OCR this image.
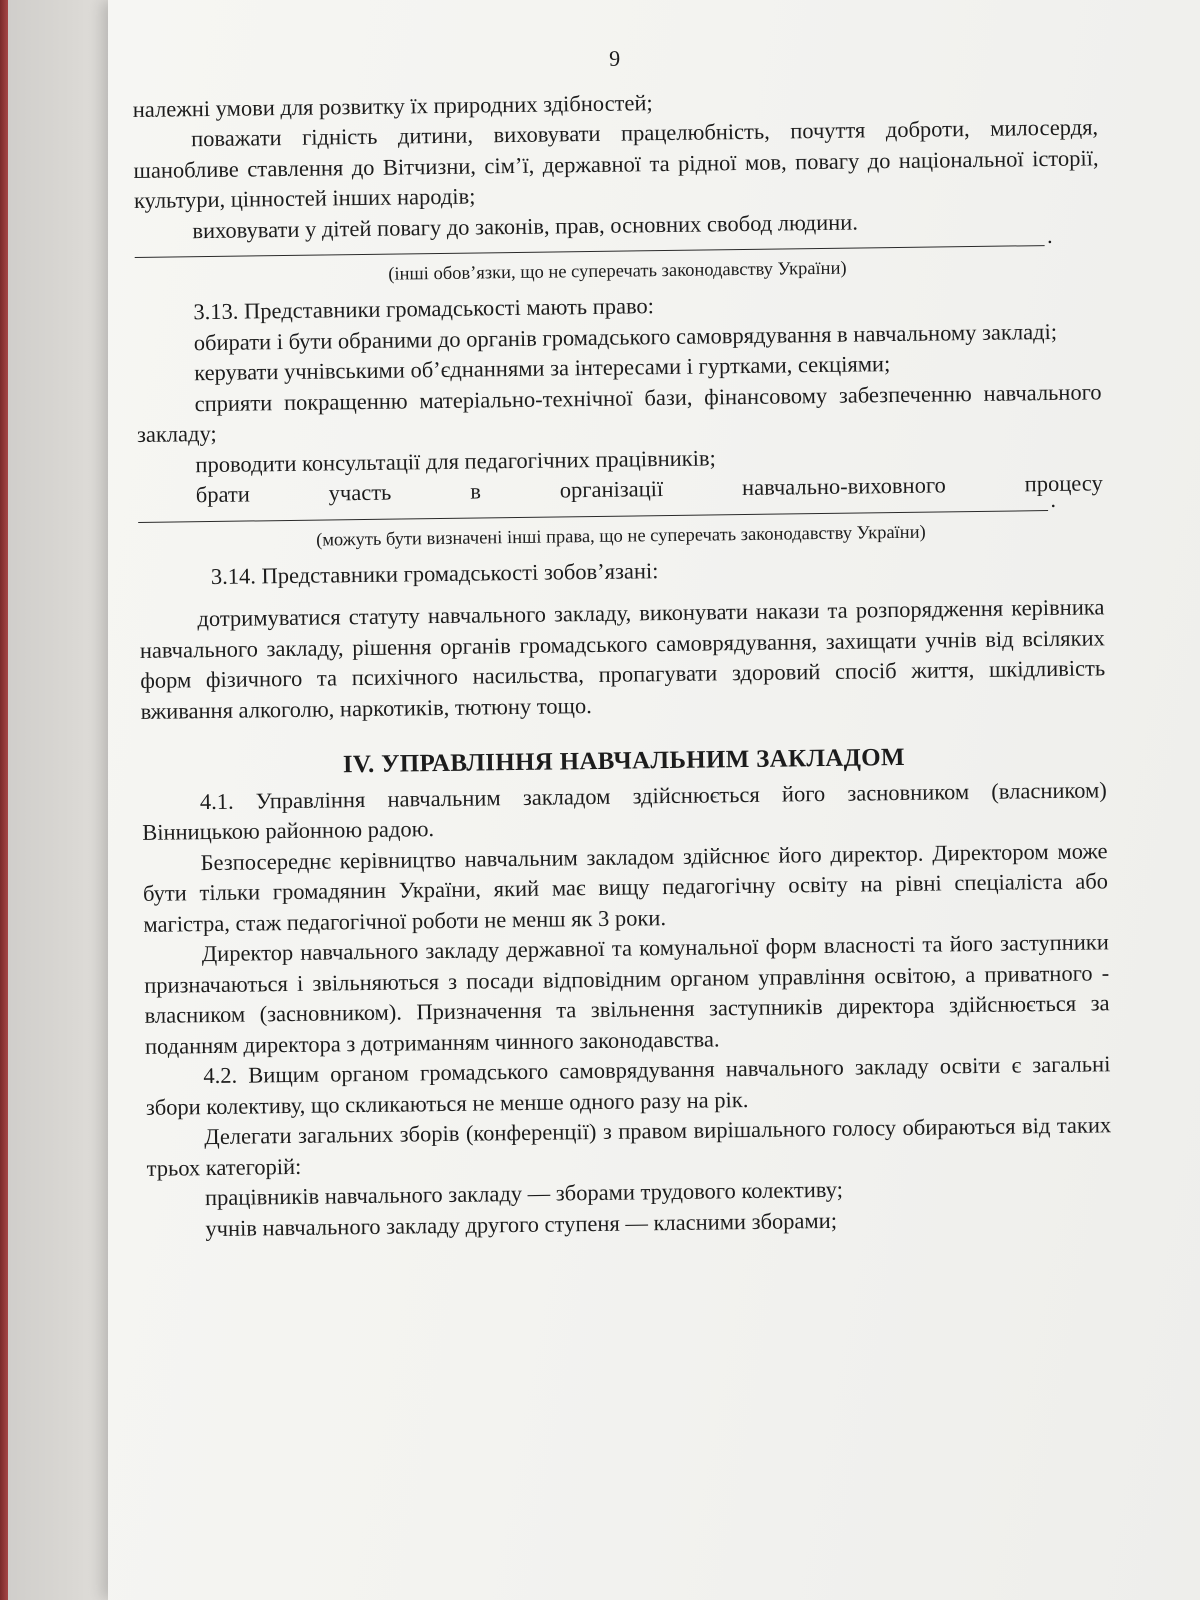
9

належні умови для розвитку їх природних здібностей;

поважати гідність дитини, виховувати працелюбність, почуття доброти, милосердя, шанобливе ставлення до Вітчизни, сім’ї, державної та рідної мов, повагу до національної історії, культури, цінностей інших народів;

виховувати у дітей повагу до законів, прав, основних свобод людини.

.
(інші обов’язки, що не суперечать законодавству України)

3.13. Представники громадськості мають право:

обирати і бути обраними до органів громадського самоврядування в навчальному закладі;

керувати учнівськими об’єднаннями за інтересами і гуртками, секціями;

сприяти покращенню матеріально-технічної бази, фінансовому забезпеченню навчального закладу;

проводити консультації для педагогічних працівників;

брати участь в організації навчально-виховного процесу

.
(можуть бути визначені інші права, що не суперечать законодавству України)

3.14. Представники громадськості зобов’язані:

дотримуватися статуту навчального закладу, виконувати накази та розпорядження керівника навчального закладу, рішення органів громадського самоврядування, захищати учнів від всіляких форм фізичного та психічного насильства, пропагувати здоровий спосіб життя, шкідливість вживання алкоголю, наркотиків, тютюну тощо.

IV. УПРАВЛІННЯ НАВЧАЛЬНИМ ЗАКЛАДОМ

4.1. Управління навчальним закладом здійснюється його засновником (власником) Вінницькою районною радою.

Безпосереднє керівництво навчальним закладом здійснює його директор. Директором може бути тільки громадянин України, який має вищу педагогічну освіту на рівні спеціаліста або магістра, стаж педагогічної роботи не менш як 3 роки.

Директор навчального закладу державної та комунальної форм власності та його заступники призначаються і звільняються з посади відповідним органом управління освітою, а приватного - власником (засновником). Призначення та звільнення заступників директора здійснюється за поданням директора з дотриманням чинного законодавства.

4.2. Вищим органом громадського самоврядування навчального закладу освіти є загальні збори колективу, що скликаються не менше одного разу на рік.

Делегати загальних зборів (конференції) з правом вирішального голосу обираються від таких трьох категорій:

працівників навчального закладу — зборами трудового колективу;

учнів навчального закладу другого ступеня — класними зборами;
